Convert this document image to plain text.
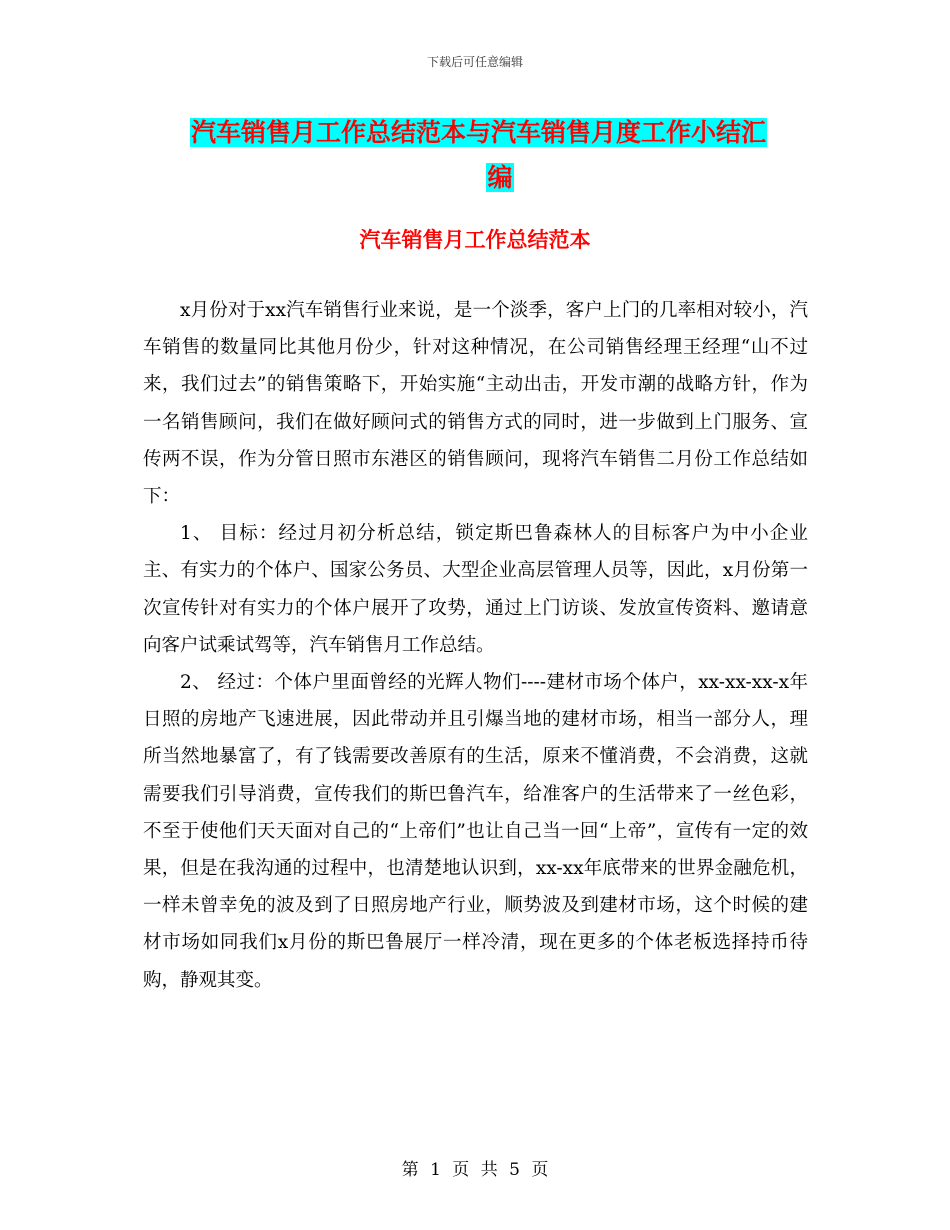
下载后可任意编辑
汽车销售月工作总结范本与汽车销售月度工作小结汇
编
汽车销售月工作总结范本

x月份对于xx汽车销售行业来说，是一个淡季，客户上门的几率相对较小，汽车销售的数量同比其他月份少，针对这种情况，在公司销售经理王经理“山不过来，我们过去”的销售策略下，开始实施“主动出击，开发市潮的战略方针，作为一名销售顾问，我们在做好顾问式的销售方式的同时，进一步做到上门服务、宣传两不误，作为分管日照市东港区的销售顾问，现将汽车销售二月份工作总结如下：

1、 目标：经过月初分析总结，锁定斯巴鲁森林人的目标客户为中小企业主、有实力的个体户、国家公务员、大型企业高层管理人员等，因此，x月份第一次宣传针对有实力的个体户展开了攻势，通过上门访谈、发放宣传资料、邀请意向客户试乘试驾等，汽车销售月工作总结。

2、 经过：个体户里面曾经的光辉人物们----建材市场个体户，xx-xx-xx-x年日照的房地产飞速进展，因此带动并且引爆当地的建材市场，相当一部分人，理所当然地暴富了，有了钱需要改善原有的生活，原来不懂消费，不会消费，这就需要我们引导消费，宣传我们的斯巴鲁汽车，给准客户的生活带来了一丝色彩，不至于使他们天天面对自己的“上帝们”也让自己当一回“上帝”，宣传有一定的效果，但是在我沟通的过程中，也清楚地认识到，xx-xx年底带来的世界金融危机，一样未曾幸免的波及到了日照房地产行业，顺势波及到建材市场，这个时候的建材市场如同我们x月份的斯巴鲁展厅一样冷清，现在更多的个体老板选择持币待购，静观其变。

第 1 页 共 5 页
